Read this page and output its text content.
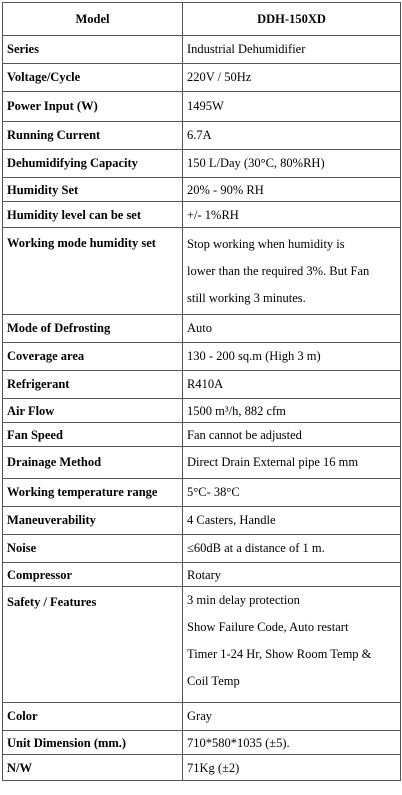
Model	DDH-150XD
Series	Industrial Dehumidifier
Voltage/Cycle	220V / 50Hz
Power Input (W)	1495W
Running Current	6.7A
Dehumidifying Capacity	150 L/Day (30°C, 80%RH)
Humidity Set	20% - 90% RH
Humidity level can be set	+/- 1%RH
Working mode humidity set	Stop working when humidity is
lower than the required 3%. But Fan
still working 3 minutes.
Mode of Defrosting	Auto
Coverage area	130 - 200 sq.m (High 3 m)
Refrigerant	R410A
Air Flow	1500 m³/h, 882 cfm
Fan Speed	Fan cannot be adjusted
Drainage Method	Direct Drain External pipe 16 mm
Working temperature range	5°C- 38°C
Maneuverability	4 Casters, Handle
Noise	≤60dB at a distance of 1 m.
Compressor	Rotary
Safety / Features	3 min delay protection
Show Failure Code, Auto restart
Timer 1-24 Hr, Show Room Temp &
Coil Temp
Color	Gray
Unit Dimension (mm.)	710*580*1035 (±5).
N/W	71Kg (±2)
